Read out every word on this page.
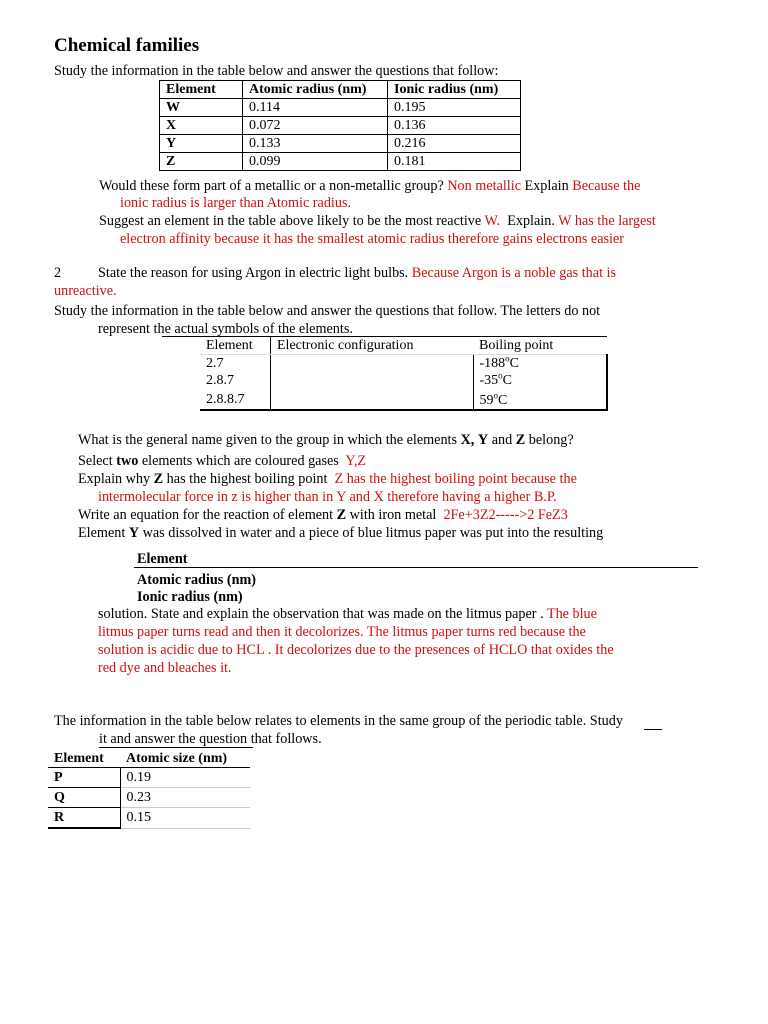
Chemical families
Study the information in the table below and answer the questions that follow:
Element	Atomic radius (nm)	Ionic radius (nm)
W	0.114	0.195
X	0.072	0.136
Y	0.133	0.216
Z	0.099	0.181
Would these form part of a metallic or a non-metallic group? Non metallic Explain Because the
ionic radius is larger than Atomic radius.
Suggest an element in the table above likely to be the most reactive W. Explain. W has the largest
electron affinity because it has the smallest atomic radius therefore gains electrons easier
2	State the reason for using Argon in electric light bulbs. Because Argon is a noble gas that is
unreactive.
Study the information in the table below and answer the questions that follow. The letters do not
represent the actual symbols of the elements.
Element	Electronic configuration	Boiling point
2.7		-188$^o$C
2.8.7		-35$^o$C
2.8.8.7		59$^o$C
What is the general name given to the group in which the elements X, Y and Z belong?
Select two elements which are coloured gases Y,Z
Explain why Z has the highest boiling point Z has the highest boiling point because the
intermolecular force in z is higher than in Y and X therefore having a higher B.P.
Write an equation for the reaction of element Z with iron metal 2Fe+3Z2----->2 FeZ3
Element Y was dissolved in water and a piece of blue litmus paper was put into the resulting
Element
Atomic radius (nm)
Ionic radius (nm)
solution. State and explain the observation that was made on the litmus paper . The blue
litmus paper turns read and then it decolorizes. The litmus paper turns red because the
solution is acidic due to HCL . It decolorizes due to the presences of HCLO that oxides the
red dye and bleaches it.
The information in the table below relates to elements in the same group of the periodic table. Study
it and answer the question that follows.
Element	Atomic size (nm)
P	0.19
Q	0.23
R	0.15
